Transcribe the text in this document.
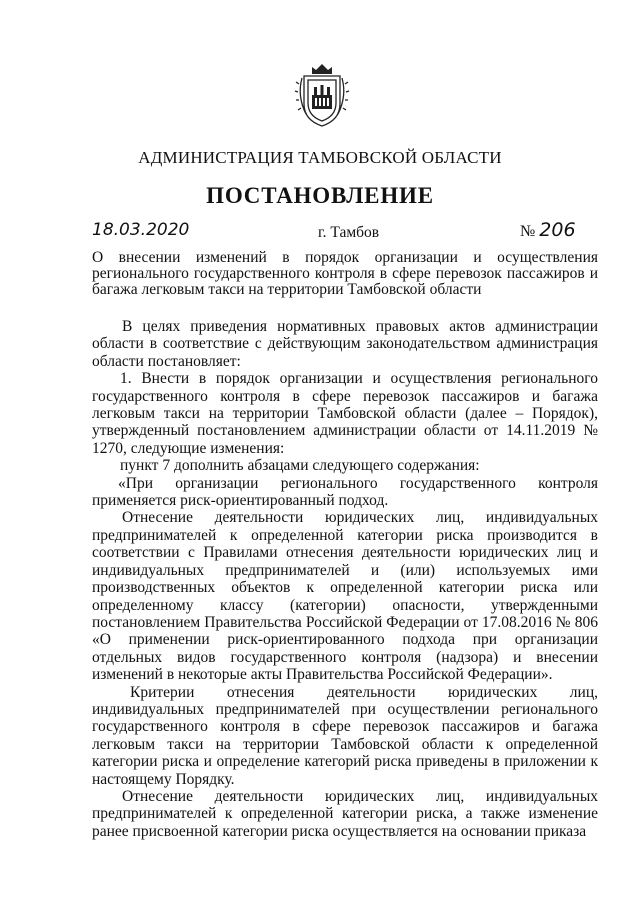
АДМИНИСТРАЦИЯ ТАМБОВСКОЙ ОБЛАСТИ
ПОСТАНОВЛЕНИЕ
18.03.2020	г. Тамбов	№ 206
О внесении изменений в порядок организации и осуществления регионального государственного контроля в сфере перевозок пассажиров и багажа легковым такси на территории Тамбовской области

В целях приведения нормативных правовых актов администрации области в соответствие с действующим законодательством администрация области постановляет:

1. Внести в порядок организации и осуществления регионального государственного контроля в сфере перевозок пассажиров и багажа легковым такси на территории Тамбовской области (далее – Порядок), утвержденный постановлением администрации области от 14.11.2019 № 1270, следующие изменения:

пункт 7 дополнить абзацами следующего содержания:

«При организации регионального государственного контроля применяется риск-ориентированный подход.

Отнесение деятельности юридических лиц, индивидуальных предпринимателей к определенной категории риска производится в соответствии с Правилами отнесения деятельности юридических лиц и индивидуальных предпринимателей и (или) используемых ими производственных объектов к определенной категории риска или определенному классу (категории) опасности, утвержденными постановлением Правительства Российской Федерации от 17.08.2016 № 806 «О применении риск-ориентированного подхода при организации отдельных видов государственного контроля (надзора) и внесении изменений в некоторые акты Правительства Российской Федерации».

Критерии отнесения деятельности юридических лиц, индивидуальных предпринимателей при осуществлении регионального государственного контроля в сфере перевозок пассажиров и багажа легковым такси на территории Тамбовской области к определенной категории риска и определение категорий риска приведены в приложении к настоящему Порядку.

Отнесение деятельности юридических лиц, индивидуальных предпринимателей к определенной категории риска, а также изменение ранее присвоенной категории риска осуществляется на основании приказа
